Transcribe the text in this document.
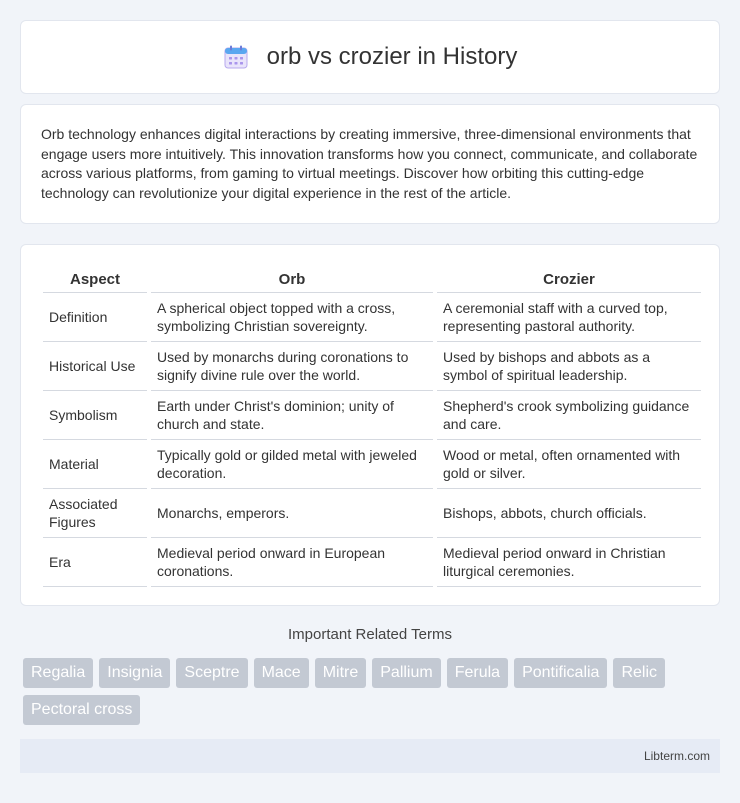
orb vs crozier in History

Orb technology enhances digital interactions by creating immersive, three-dimensional environments that engage users more intuitively. This innovation transforms how you connect, communicate, and collaborate across various platforms, from gaming to virtual meetings. Discover how orbiting this cutting-edge technology can revolutionize your digital experience in the rest of the article.

Aspect	Orb	Crozier
Definition	A spherical object topped with a cross, symbolizing Christian sovereignty.	A ceremonial staff with a curved top, representing pastoral authority.
Historical Use	Used by monarchs during coronations to signify divine rule over the world.	Used by bishops and abbots as a symbol of spiritual leadership.
Symbolism	Earth under Christ's dominion; unity of church and state.	Shepherd's crook symbolizing guidance and care.
Material	Typically gold or gilded metal with jeweled decoration.	Wood or metal, often ornamented with gold or silver.
Associated Figures	Monarchs, emperors.	Bishops, abbots, church officials.
Era	Medieval period onward in European coronations.	Medieval period onward in Christian liturgical ceremonies.
Important Related Terms
Regalia	Insignia	Sceptre	Mace	Mitre	Pallium	Ferula	Pontificalia	Relic
Pectoral cross
Libterm.com
